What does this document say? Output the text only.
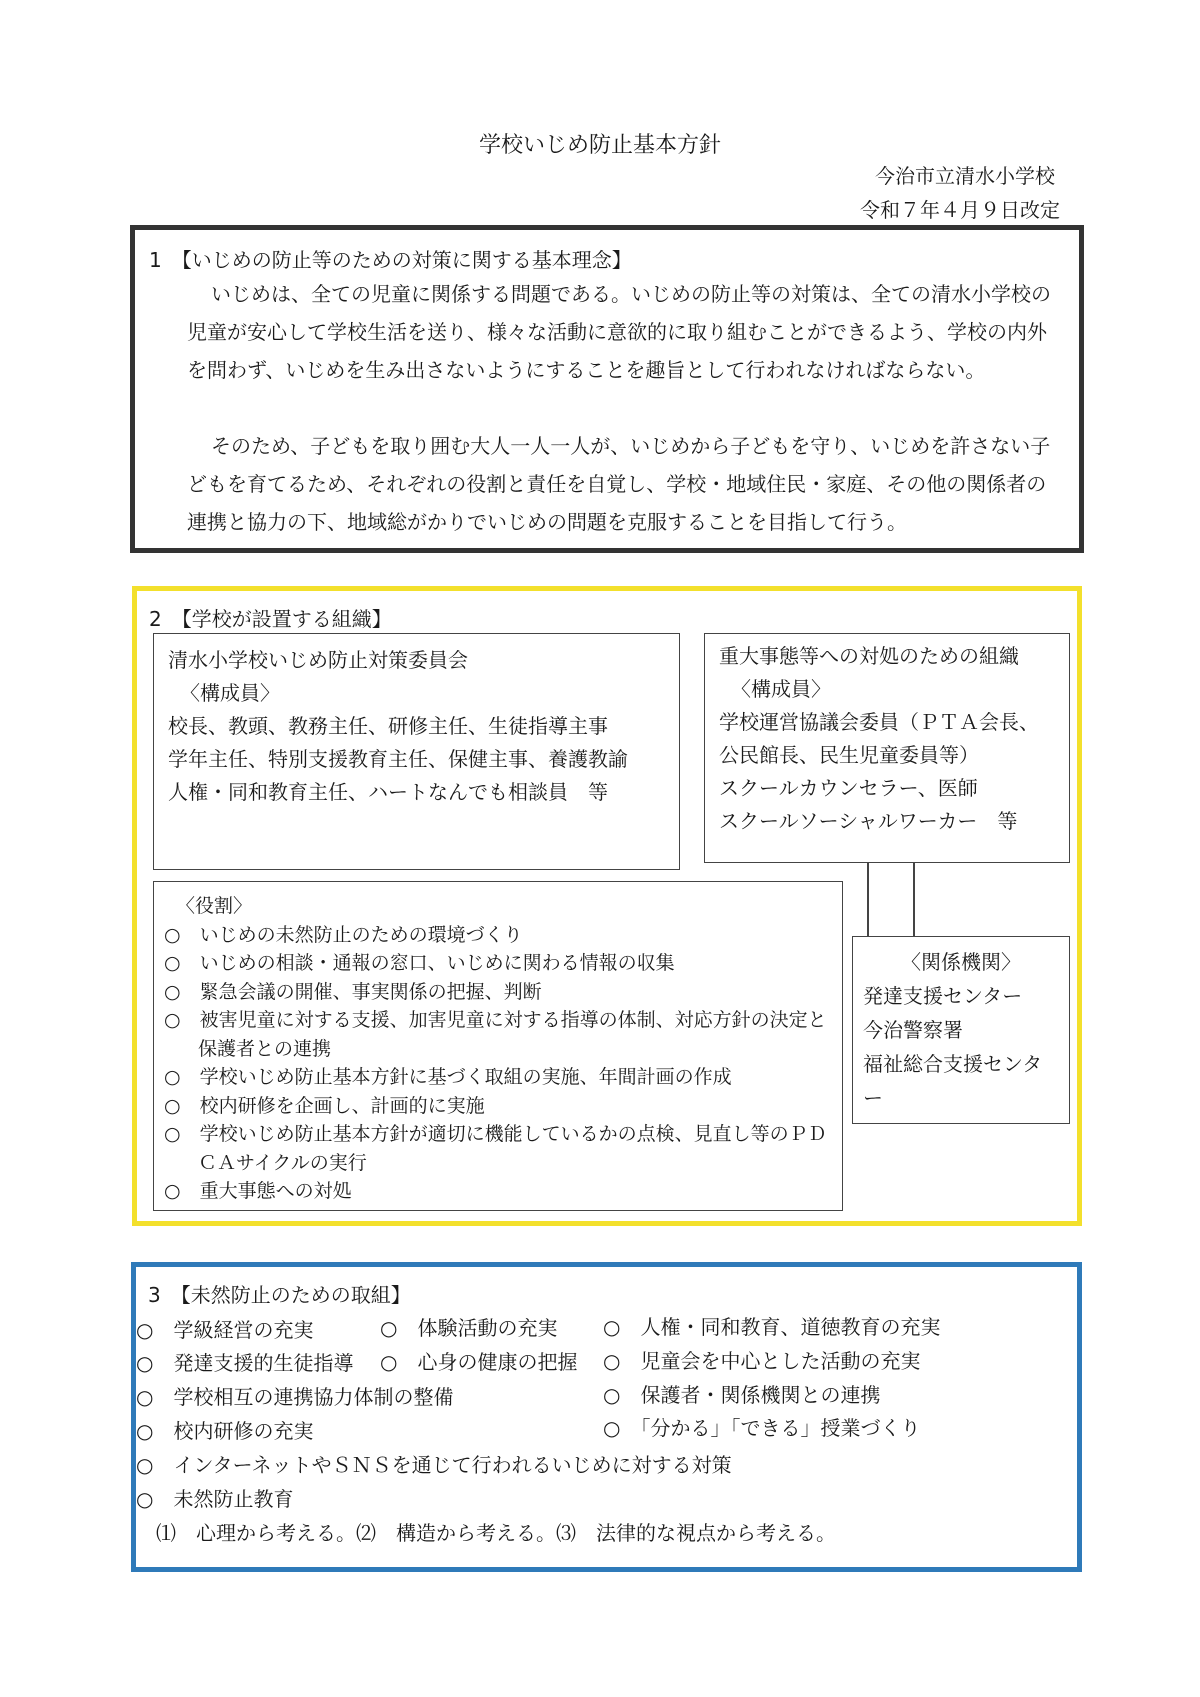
学校いじめ防止基本方針
今治市立清水小学校
令和７年４月９日改定
1　【いじめの防止等のための対策に関する基本理念】
いじめは、全ての児童に関係する問題である。いじめの防止等の対策は、全ての清水小学校の児童が安心して学校生活を送り、様々な活動に意欲的に取り組むことができるよう、学校の内外を問わず、いじめを生み出さないようにすることを趣旨として行われなければならない。
そのため、子どもを取り囲む大人一人一人が、いじめから子どもを守り、いじめを許さない子どもを育てるため、それぞれの役割と責任を自覚し、学校・地域住民・家庭、その他の関係者の連携と協力の下、地域総がかりでいじめの問題を克服することを目指して行う。
2　【学校が設置する組織】
清水小学校いじめ防止対策委員会
〈構成員〉
校長、教頭、教務主任、研修主任、生徒指導主事
学年主任、特別支援教育主任、保健主事、養護教諭
人権・同和教育主任、ハートなんでも相談員　等
重大事態等への対処のための組織
〈構成員〉
学校運営協議会委員（ＰＴＡ会長、
公民館長、民生児童委員等）
スクールカウンセラー、医師
スクールソーシャルワーカー　等
〈役割〉
○　いじめの未然防止のための環境づくり
○　いじめの相談・通報の窓口、いじめに関わる情報の収集
○　緊急会議の開催、事実関係の把握、判断
○　被害児童に対する支援、加害児童に対する指導の体制、対応方針の決定と保護者との連携
○　学校いじめ防止基本方針に基づく取組の実施、年間計画の作成
○　校内研修を企画し、計画的に実施
○　学校いじめ防止基本方針が適切に機能しているかの点検、見直し等のＰＤＣＡサイクルの実行
○　重大事態への対処
〈関係機関〉
発達支援センター
今治警察署
福祉総合支援センター
3　【未然防止のための取組】
○　学級経営の充実	○　体験活動の充実 ○　人権・同和教育、道徳教育の充実
○　発達支援的生徒指導 ○　心身の健康の把握 ○　児童会を中心とした活動の充実
○　学校相互の連携協力体制の整備	○　保護者・関係機関との連携
○　校内研修の充実	○　「分かる」「できる」授業づくり
○　インターネットやＳＮＳを通じて行われるいじめに対する対策
○　未然防止教育
⑴　心理から考える。⑵　構造から考える。⑶　法律的な視点から考える。
